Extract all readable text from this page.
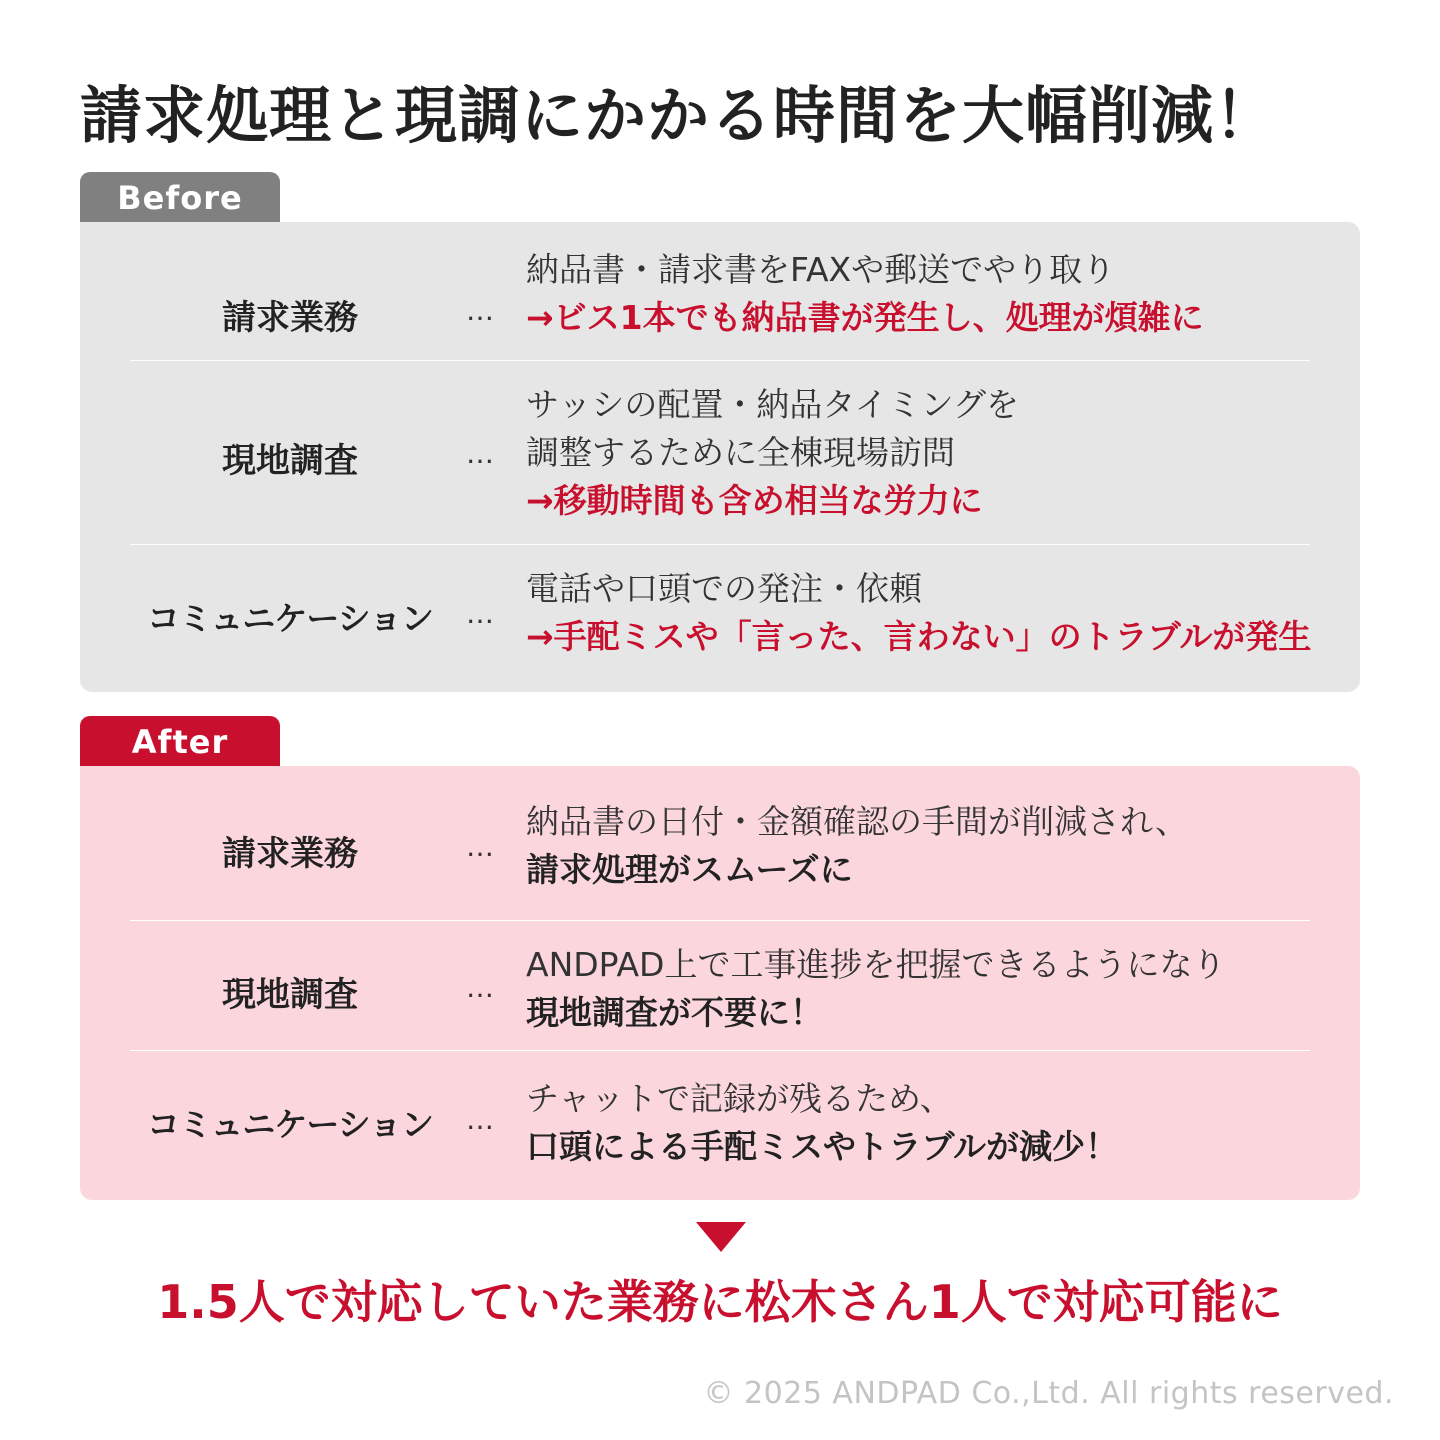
請求処理と現調にかかる時間を大幅削減！
Before
請求業務	…
納品書・請求書をFAXや郵送でやり取り
→ビス1本でも納品書が発生し、処理が煩雑に
現地調査	…
サッシの配置・納品タイミングを
調整するために全棟現場訪問
→移動時間も含め相当な労力に
コミュニケーション	…
電話や口頭での発注・依頼
→手配ミスや「言った、言わない」のトラブルが発生
After
請求業務	…
納品書の日付・金額確認の手間が削減され、
請求処理がスムーズに
現地調査	…
ANDPAD上で工事進捗を把握できるようになり
現地調査が不要に！
コミュニケーション	…
チャットで記録が残るため、
口頭による手配ミスやトラブルが減少！
1.5人で対応していた業務に松木さん1人で対応可能に
© 2025 ANDPAD Co.,Ltd. All rights reserved.
